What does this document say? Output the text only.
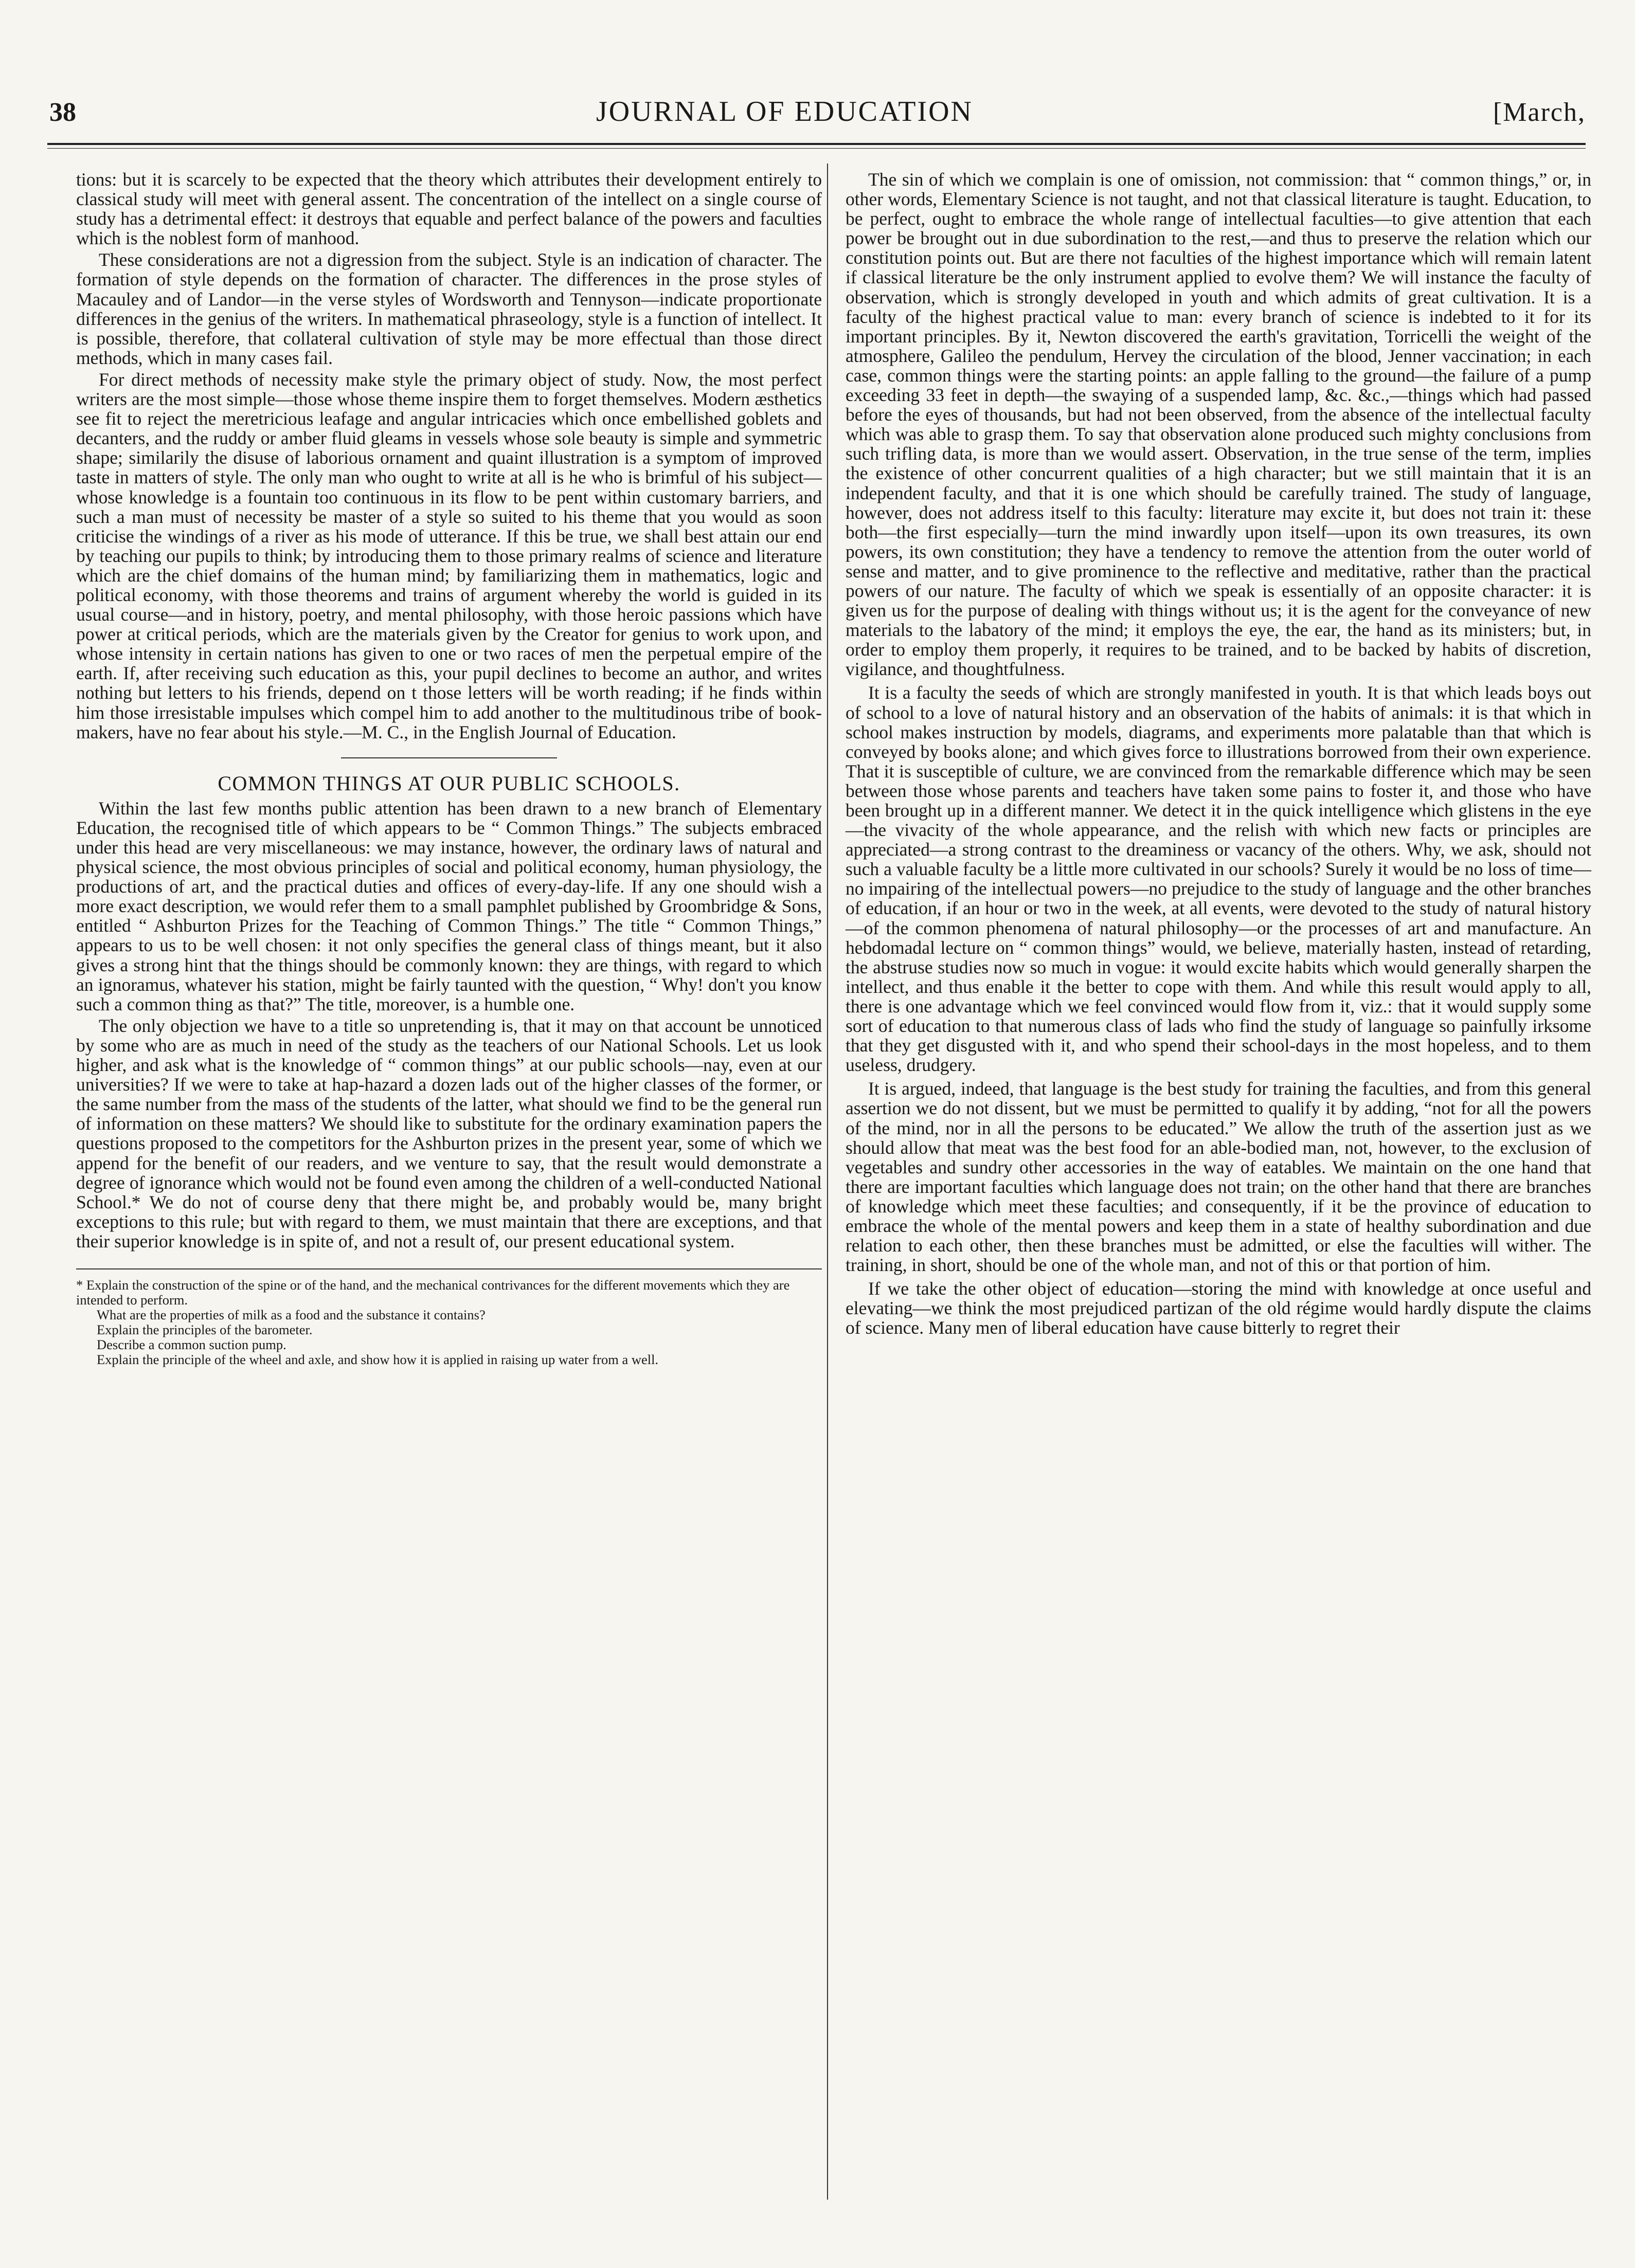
38	JOURNAL OF EDUCATION	[March,

tions: but it is scarcely to be expected that the theory which attributes their development entirely to classical study will meet with general assent. The concentration of the intellect on a single course of study has a detrimental effect: it destroys that equable and perfect balance of the powers and faculties which is the noblest form of manhood.

These considerations are not a digression from the subject. Style is an indication of character. The formation of style depends on the formation of character. The differences in the prose styles of Macauley and of Landor—in the verse styles of Wordsworth and Tennyson—indicate proportionate differences in the genius of the writers. In mathematical phraseology, style is a function of intellect. It is possible, therefore, that collateral cultivation of style may be more effectual than those direct methods, which in many cases fail.

For direct methods of necessity make style the primary object of study. Now, the most perfect writers are the most simple—those whose theme inspire them to forget themselves. Modern æsthetics see fit to reject the meretricious leafage and angular intricacies which once embellished goblets and decanters, and the ruddy or amber fluid gleams in vessels whose sole beauty is simple and symmetric shape; similarily the disuse of laborious ornament and quaint illustration is a symptom of improved taste in matters of style. The only man who ought to write at all is he who is brimful of his subject—whose knowledge is a fountain too continuous in its flow to be pent within customary barriers, and such a man must of necessity be master of a style so suited to his theme that you would as soon criticise the windings of a river as his mode of utterance. If this be true, we shall best attain our end by teaching our pupils to think; by introducing them to those primary realms of science and literature which are the chief domains of the human mind; by familiarizing them in mathematics, logic and political economy, with those theorems and trains of argument whereby the world is guided in its usual course—and in history, poetry, and mental philosophy, with those heroic passions which have power at critical periods, which are the materials given by the Creator for genius to work upon, and whose intensity in certain nations has given to one or two races of men the perpetual empire of the earth. If, after receiving such education as this, your pupil declines to become an author, and writes nothing but letters to his friends, depend on t those letters will be worth reading; if he finds within him those irresistable impulses which compel him to add another to the multitudinous tribe of book-makers, have no fear about his style.—M. C., in the English Journal of Education.

COMMON THINGS AT OUR PUBLIC SCHOOLS.

Within the last few months public attention has been drawn to a new branch of Elementary Education, the recognised title of which appears to be “ Common Things.” The subjects embraced under this head are very miscellaneous: we may instance, however, the ordinary laws of natural and physical science, the most obvious principles of social and political economy, human physiology, the productions of art, and the practical duties and offices of every-day-life. If any one should wish a more exact description, we would refer them to a small pamphlet published by Groombridge & Sons, entitled “ Ashburton Prizes for the Teaching of Common Things.” The title “ Common Things,” appears to us to be well chosen: it not only specifies the general class of things meant, but it also gives a strong hint that the things should be commonly known: they are things, with regard to which an ignoramus, whatever his station, might be fairly taunted with the question, “ Why! don't you know such a common thing as that?” The title, moreover, is a humble one.

The only objection we have to a title so unpretending is, that it may on that account be unnoticed by some who are as much in need of the study as the teachers of our National Schools. Let us look higher, and ask what is the knowledge of “ common things” at our public schools—nay, even at our universities? If we were to take at hap-hazard a dozen lads out of the higher classes of the former, or the same number from the mass of the students of the latter, what should we find to be the general run of information on these matters? We should like to substitute for the ordinary examination papers the questions proposed to the competitors for the Ashburton prizes in the present year, some of which we append for the benefit of our readers, and we venture to say, that the result would demonstrate a degree of ignorance which would not be found even among the children of a well-conducted National School.* We do not of course deny that there might be, and probably would be, many bright exceptions to this rule; but with regard to them, we must maintain that there are exceptions, and that their superior knowledge is in spite of, and not a result of, our present educational system.

* Explain the construction of the spine or of the hand, and the mechanical contrivances for the different movements which they are intended to perform.
What are the properties of milk as a food and the substance it contains?
Explain the principles of the barometer.
Describe a common suction pump.
Explain the principle of the wheel and axle, and show how it is applied in raising up water from a well.

The sin of which we complain is one of omission, not commission: that “ common things,” or, in other words, Elementary Science is not taught, and not that classical literature is taught. Education, to be perfect, ought to embrace the whole range of intellectual faculties—to give attention that each power be brought out in due subordination to the rest,—and thus to preserve the relation which our constitution points out. But are there not faculties of the highest importance which will remain latent if classical literature be the only instrument applied to evolve them? We will instance the faculty of observation, which is strongly developed in youth and which admits of great cultivation. It is a faculty of the highest practical value to man: every branch of science is indebted to it for its important principles. By it, Newton discovered the earth's gravitation, Torricelli the weight of the atmosphere, Galileo the pendulum, Hervey the circulation of the blood, Jenner vaccination; in each case, common things were the starting points: an apple falling to the ground—the failure of a pump exceeding 33 feet in depth—the swaying of a suspended lamp, &c. &c.,—things which had passed before the eyes of thousands, but had not been observed, from the absence of the intellectual faculty which was able to grasp them. To say that observation alone produced such mighty conclusions from such trifling data, is more than we would assert. Observation, in the true sense of the term, implies the existence of other concurrent qualities of a high character; but we still maintain that it is an independent faculty, and that it is one which should be carefully trained. The study of language, however, does not address itself to this faculty: literature may excite it, but does not train it: these both—the first especially—turn the mind inwardly upon itself—upon its own treasures, its own powers, its own constitution; they have a tendency to remove the attention from the outer world of sense and matter, and to give prominence to the reflective and meditative, rather than the practical powers of our nature. The faculty of which we speak is essentially of an opposite character: it is given us for the purpose of dealing with things without us; it is the agent for the conveyance of new materials to the labatory of the mind; it employs the eye, the ear, the hand as its ministers; but, in order to employ them properly, it requires to be trained, and to be backed by habits of discretion, vigilance, and thoughtfulness.

It is a faculty the seeds of which are strongly manifested in youth. It is that which leads boys out of school to a love of natural history and an observation of the habits of animals: it is that which in school makes instruction by models, diagrams, and experiments more palatable than that which is conveyed by books alone; and which gives force to illustrations borrowed from their own experience. That it is susceptible of culture, we are convinced from the remarkable difference which may be seen between those whose parents and teachers have taken some pains to foster it, and those who have been brought up in a different manner. We detect it in the quick intelligence which glistens in the eye—the vivacity of the whole appearance, and the relish with which new facts or principles are appreciated—a strong contrast to the dreaminess or vacancy of the others. Why, we ask, should not such a valuable faculty be a little more cultivated in our schools? Surely it would be no loss of time—no impairing of the intellectual powers—no prejudice to the study of language and the other branches of education, if an hour or two in the week, at all events, were devoted to the study of natural history—of the common phenomena of natural philosophy—or the processes of art and manufacture. An hebdomadal lecture on “ common things” would, we believe, materially hasten, instead of retarding, the abstruse studies now so much in vogue: it would excite habits which would generally sharpen the intellect, and thus enable it the better to cope with them. And while this result would apply to all, there is one advantage which we feel convinced would flow from it, viz.: that it would supply some sort of education to that numerous class of lads who find the study of language so painfully irksome that they get disgusted with it, and who spend their school-days in the most hopeless, and to them useless, drudgery.

It is argued, indeed, that language is the best study for training the faculties, and from this general assertion we do not dissent, but we must be permitted to qualify it by adding, “not for all the powers of the mind, nor in all the persons to be educated.” We allow the truth of the assertion just as we should allow that meat was the best food for an able-bodied man, not, however, to the exclusion of vegetables and sundry other accessories in the way of eatables. We maintain on the one hand that there are important faculties which language does not train; on the other hand that there are branches of knowledge which meet these faculties; and consequently, if it be the province of education to embrace the whole of the mental powers and keep them in a state of healthy subordination and due relation to each other, then these branches must be admitted, or else the faculties will wither. The training, in short, should be one of the whole man, and not of this or that portion of him.

If we take the other object of education—storing the mind with knowledge at once useful and elevating—we think the most prejudiced partizan of the old régime would hardly dispute the claims of science. Many men of liberal education have cause bitterly to regret their
